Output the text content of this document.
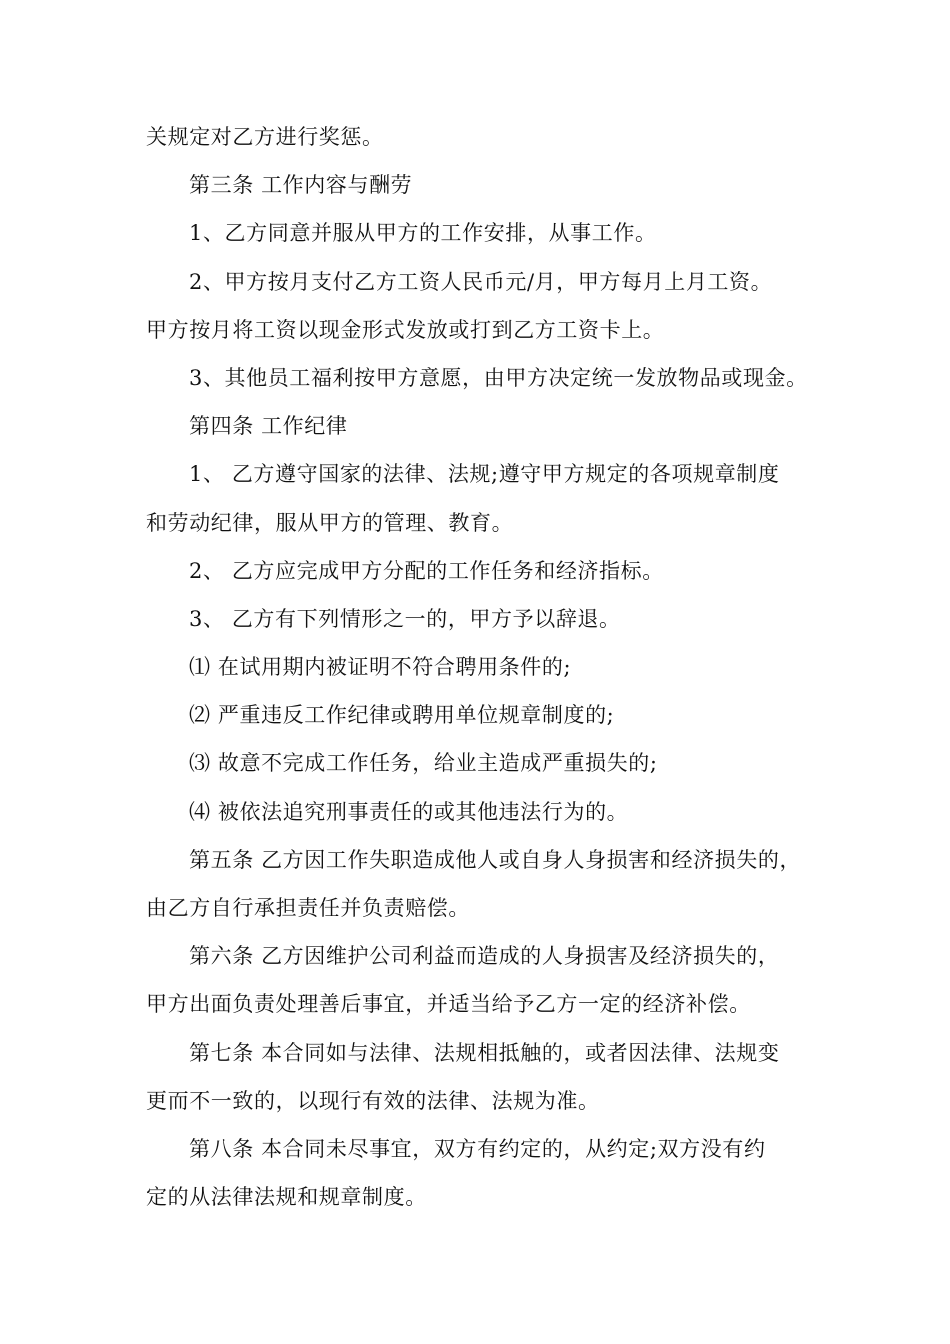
关规定对乙方进行奖惩。
第三条 工作内容与酬劳
1、乙方同意并服从甲方的工作安排，从事工作。
2、甲方按月支付乙方工资人民币元/月，甲方每月上月工资。
甲方按月将工资以现金形式发放或打到乙方工资卡上。
3、其他员工福利按甲方意愿，由甲方决定统一发放物品或现金。
第四条 工作纪律
1、 乙方遵守国家的法律、法规;遵守甲方规定的各项规章制度
和劳动纪律，服从甲方的管理、教育。
2、 乙方应完成甲方分配的工作任务和经济指标。
3、 乙方有下列情形之一的，甲方予以辞退。
⑴ 在试用期内被证明不符合聘用条件的;
⑵ 严重违反工作纪律或聘用单位规章制度的;
⑶ 故意不完成工作任务，给业主造成严重损失的;
⑷ 被依法追究刑事责任的或其他违法行为的。
第五条 乙方因工作失职造成他人或自身人身损害和经济损失的，
由乙方自行承担责任并负责赔偿。
第六条 乙方因维护公司利益而造成的人身损害及经济损失的，
甲方出面负责处理善后事宜，并适当给予乙方一定的经济补偿。
第七条 本合同如与法律、法规相抵触的，或者因法律、法规变
更而不一致的，以现行有效的法律、法规为准。
第八条 本合同未尽事宜，双方有约定的，从约定;双方没有约
定的从法律法规和规章制度。
